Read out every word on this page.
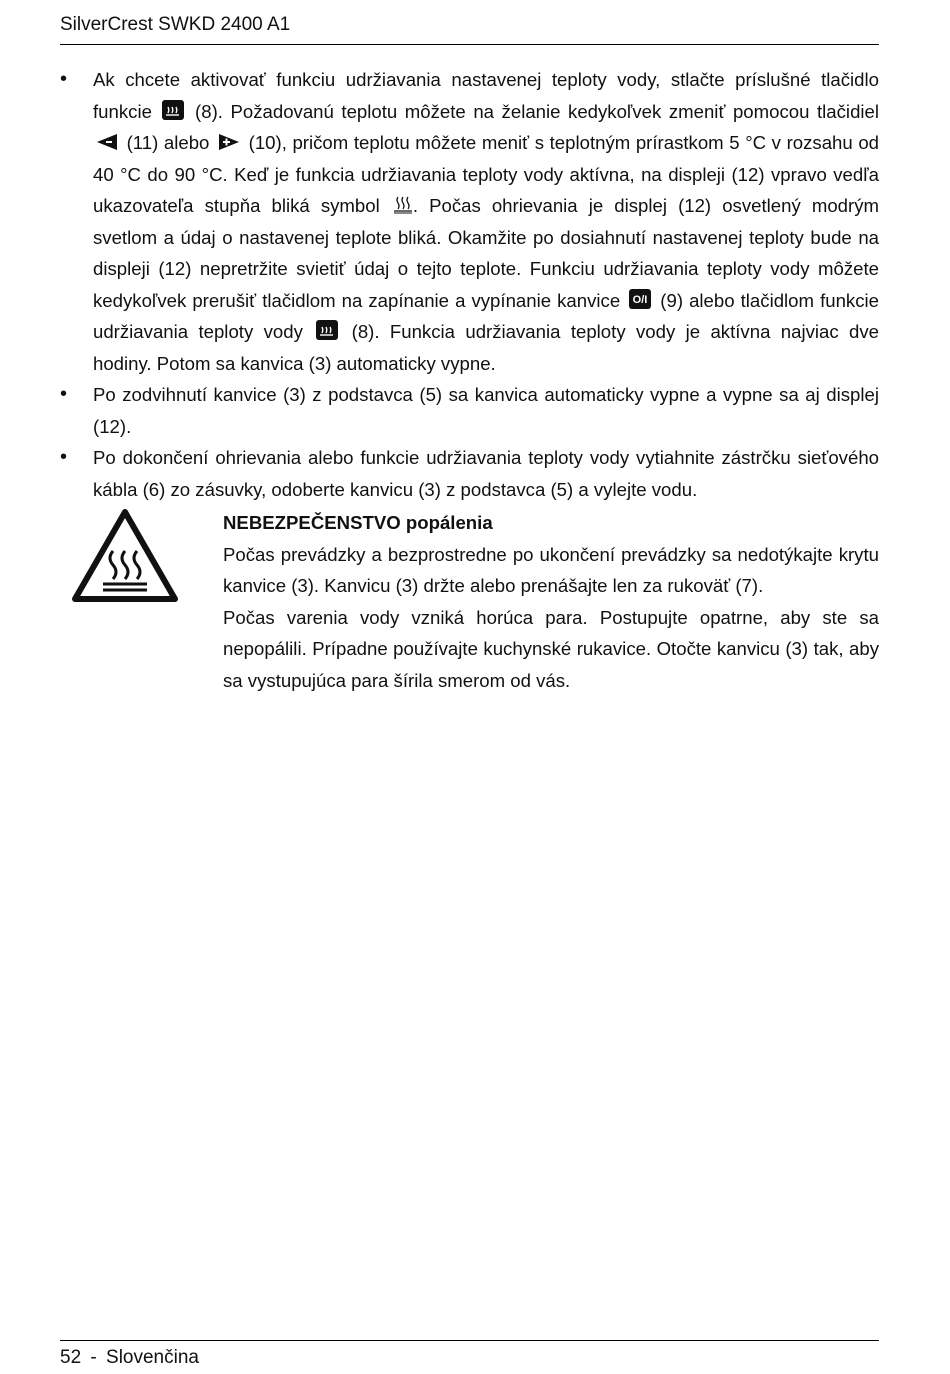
SilverCrest SWKD 2400 A1
• Ak chcete aktivovať funkciu udržiavania nastavenej teploty vody, stlačte príslušné tlačidlo funkcie (8). Požadovanú teplotu môžete na želanie kedykoľvek zmeniť pomocou tlačidiel
(11) alebo (10), pričom teplotu môžete meniť s teplotným prírastkom 5 °C v rozsahu od 40 °C do 90 °C. Keď je funkcia udržiavania teploty vody aktívna, na displeji (12) vpravo vedľa ukazovateľa stupňa bliká symbol . Počas ohrievania je displej (12) osvetlený modrým svetlom a údaj o nastavenej teplote bliká. Okamžite po dosiahnutí nastavenej teploty bude na displeji (12) nepretržite svietiť údaj o tejto teplote. Funkciu udržiavania teploty vody môžete kedykoľvek prerušiť tlačidlom na zapínanie a vypínanie kanvice O/I (9) alebo tlačidlom funkcie udržiavania teploty vody	(8). Funkcia udržiavania teploty vody je aktívna najviac dve hodiny. Potom sa kanvica (3) automaticky vypne.
• Po zodvihnutí kanvice (3) z podstavca (5) sa kanvica automaticky vypne a vypne sa aj displej (12).
• Po dokončení ohrievania alebo funkcie udržiavania teploty vody vytiahnite zástrčku sieťového kábla (6) zo zásuvky, odoberte kanvicu (3) z podstavca (5) a vylejte vodu.
NEBEZPEČENSTVO popálenia

Počas prevádzky a bezprostredne po ukončení prevádzky sa nedotýkajte krytu kanvice (3). Kanvicu (3) držte alebo prenášajte len za rukoväť (7).

Počas varenia vody vzniká horúca para. Postupujte opatrne, aby ste sa nepopálili. Prípadne používajte kuchynské rukavice. Otočte kanvicu (3) tak, aby sa vystupujúca para šírila smerom od vás.

52 - Slovenčina
